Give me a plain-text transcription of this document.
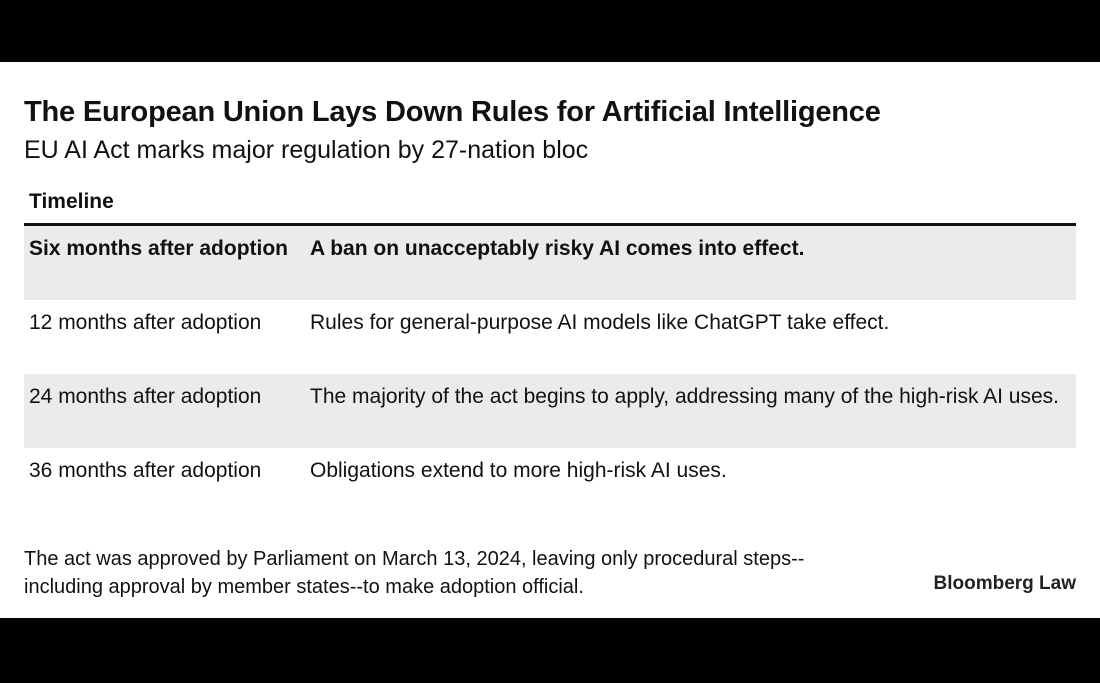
The European Union Lays Down Rules for Artificial Intelligence
EU AI Act marks major regulation by 27-nation bloc
Timeline
Six months after adoption	A ban on unacceptably risky AI comes into effect.
12 months after adoption	Rules for general-purpose AI models like ChatGPT take effect.
24 months after adoption	The majority of the act begins to apply, addressing many of the high-risk AI uses.
36 months after adoption	Obligations extend to more high-risk AI uses.
The act was approved by Parliament on March 13, 2024, leaving only procedural steps--including approval by member states--to make adoption official.	Bloomberg Law
